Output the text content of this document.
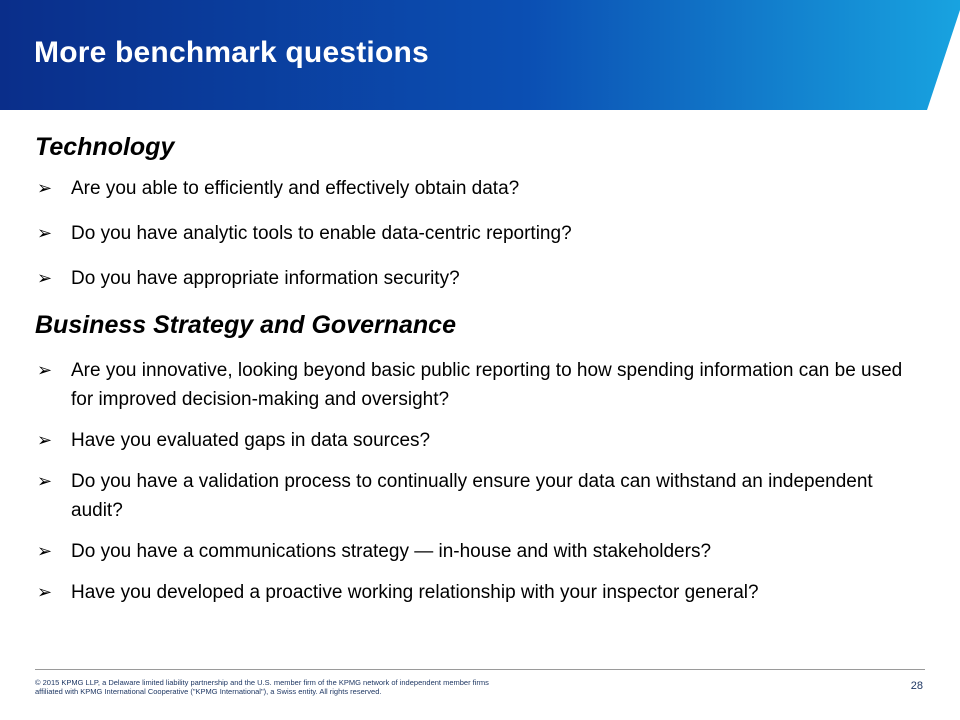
More benchmark questions
Technology
➢ Are you able to efficiently and effectively obtain data?
➢ Do you have analytic tools to enable data-centric reporting?
➢ Do you have appropriate information security?
Business Strategy and Governance
➢ Are you innovative, looking beyond basic public reporting to how spending information can be used for improved decision-making and oversight?
➢ Have you evaluated gaps in data sources?
➢ Do you have a validation process to continually ensure your data can withstand an independent audit?
➢ Do you have a communications strategy — in-house and with stakeholders?
➢ Have you developed a proactive working relationship with your inspector general?
© 2015 KPMG LLP, a Delaware limited liability partnership and the U.S. member firm of the KPMG network of independent member firms affiliated with KPMG International Cooperative ("KPMG International"), a Swiss entity. All rights reserved.	28
